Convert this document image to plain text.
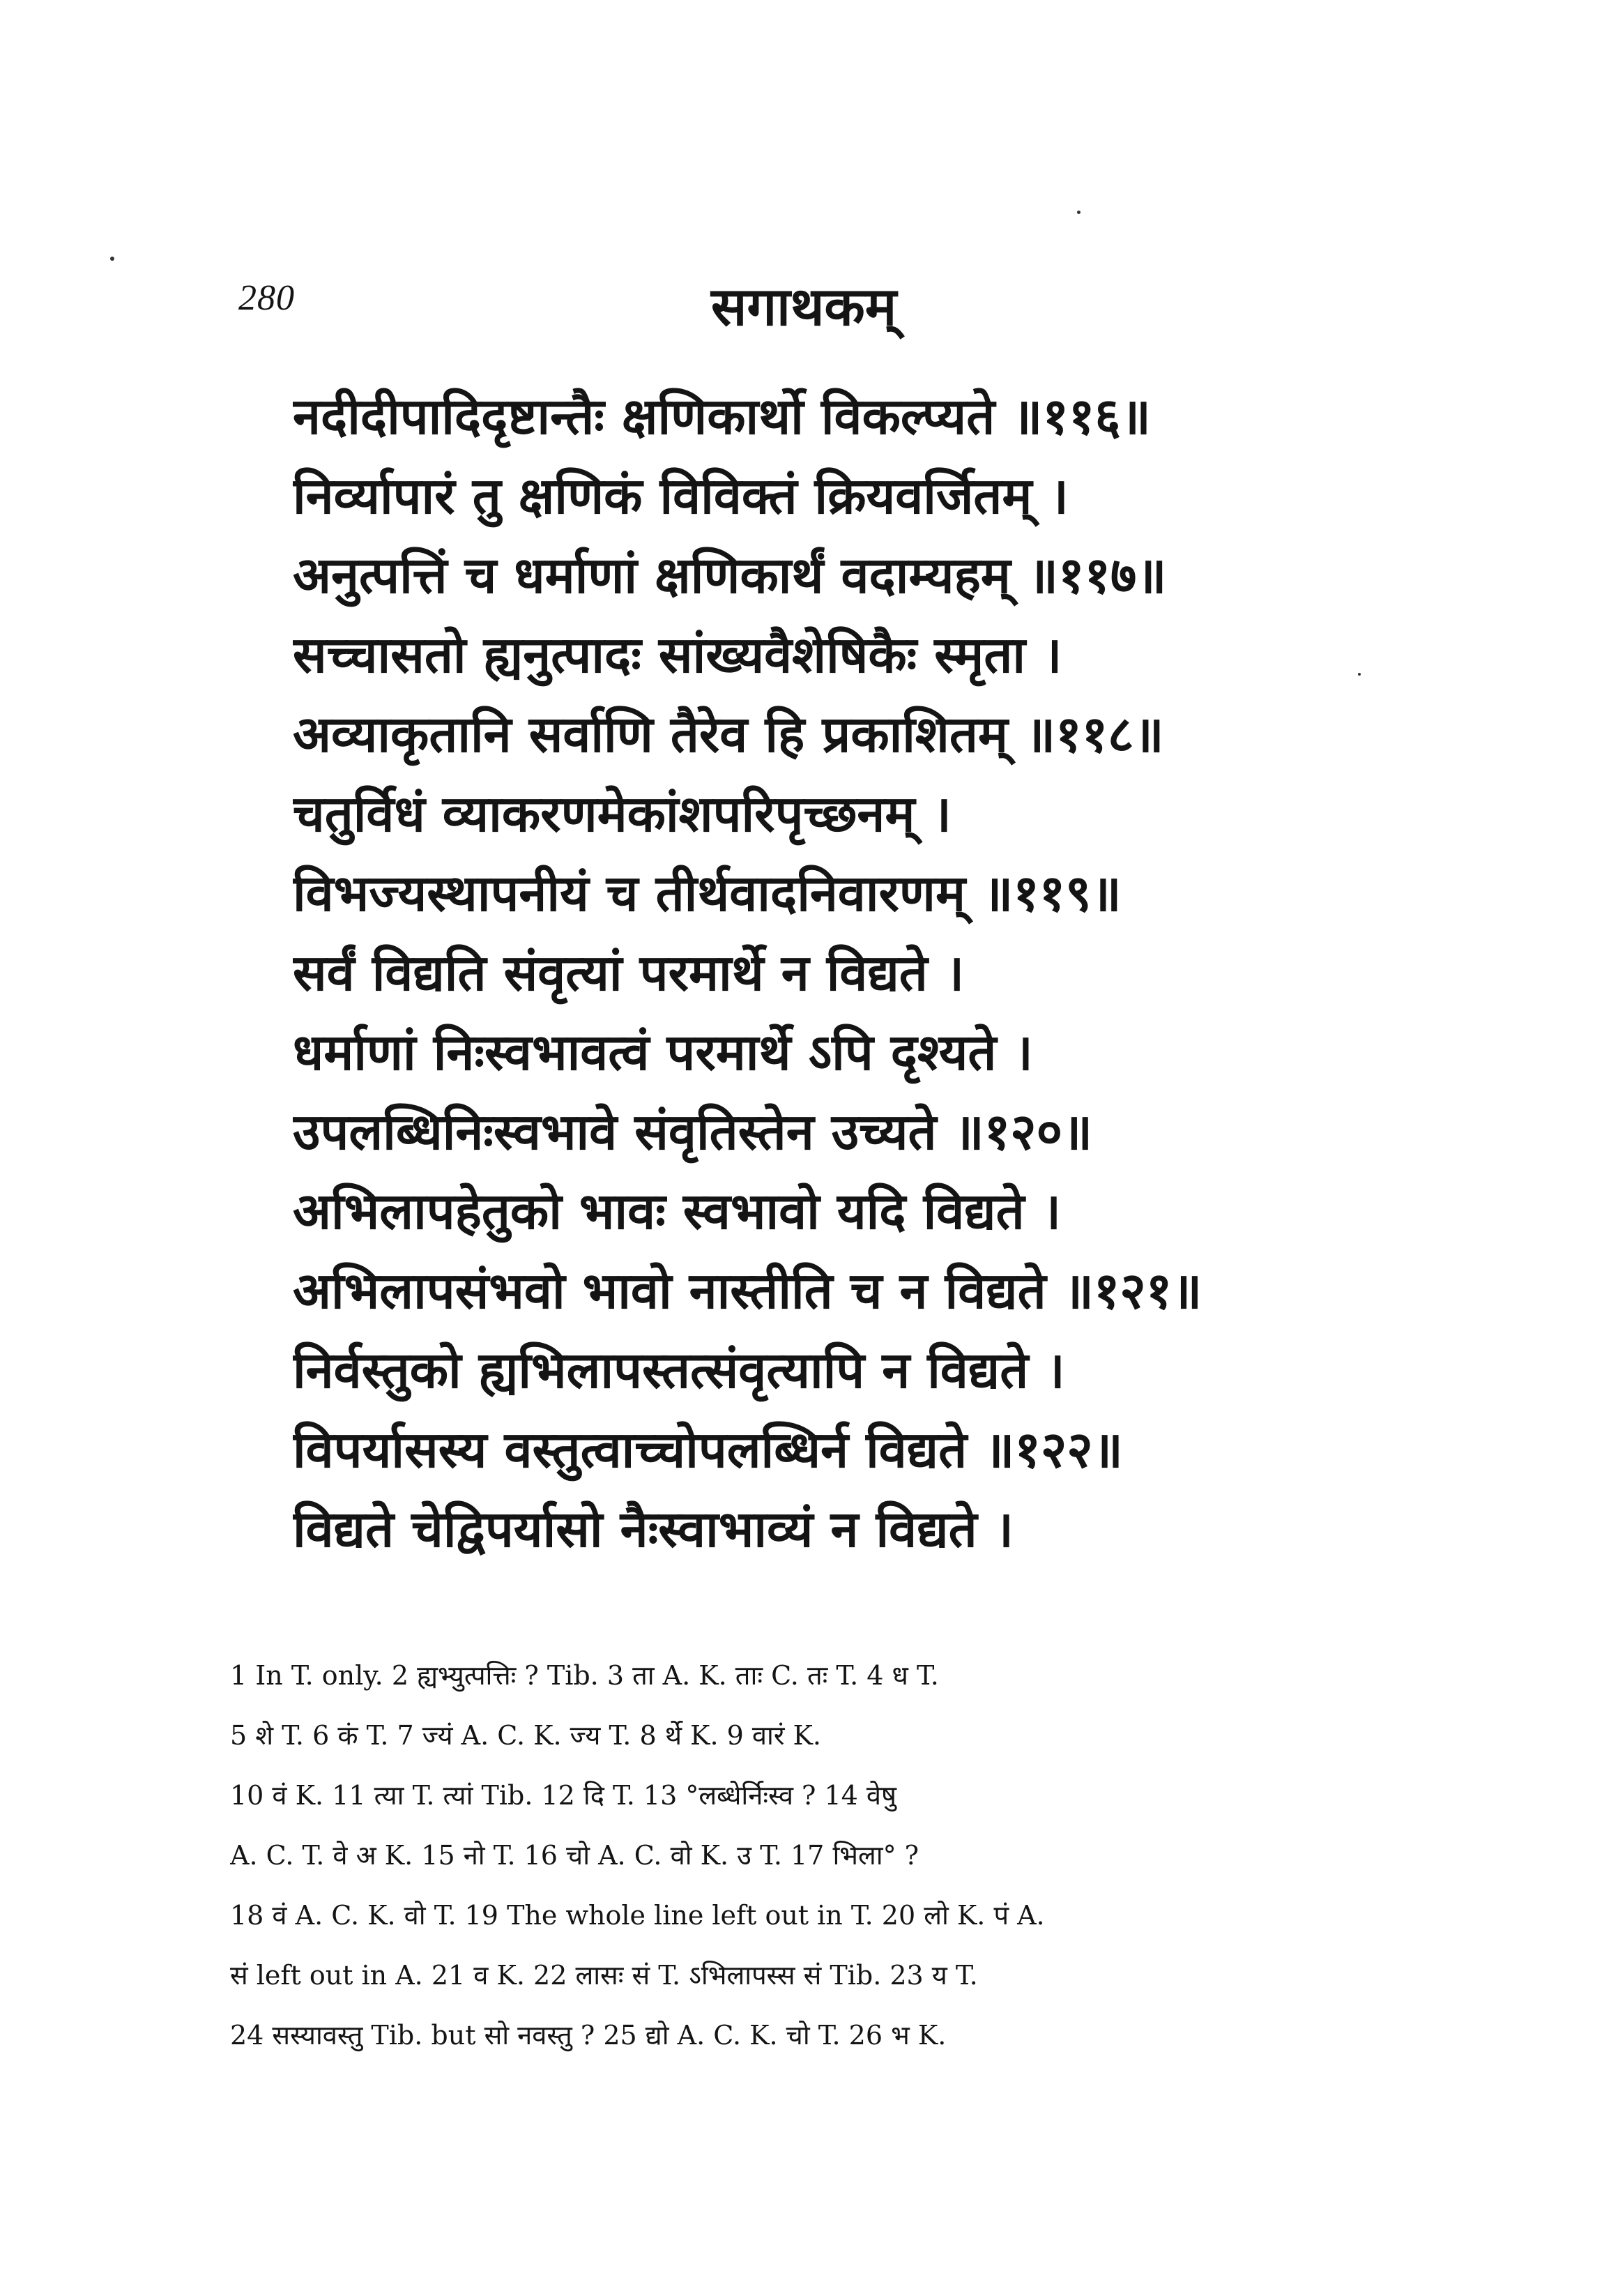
280	सगाथकम्
नदीदीपादिदृष्टान्तैः क्षणिकार्थो विकल्प्यते ॥११६॥
निर्व्यापारं तु क्षणिकं विविक्तं क्रियवर्जितम् ।
अनुत्पत्तिं च धर्माणां क्षणिकार्थं वदाम्यहम् ॥११७॥
सच्चासतो ह्यनुत्पादः सांख्यवैशेषिकैः स्मृता ।
अव्याकृतानि सर्वाणि तैरेव हि प्रकाशितम् ॥११८॥
चतुर्विधं व्याकरणमेकांशपरिपृच्छनम् ।
विभज्यस्थापनीयं च तीर्थवादनिवारणम् ॥११९॥
सर्वं विद्यति संवृत्यां परमार्थे न विद्यते ।
धर्माणां निःस्वभावत्वं परमार्थे ऽपि दृश्यते ।
उपलब्धिनिःस्वभावे संवृतिस्तेन उच्यते ॥१२०॥
अभिलापहेतुको भावः स्वभावो यदि विद्यते ।
अभिलापसंभवो भावो नास्तीति च न विद्यते ॥१२१॥
निर्वस्तुको ह्यभिलापस्तत्संवृत्यापि न विद्यते ।
विपर्यासस्य वस्तुत्वाच्चोपलब्धिर्न विद्यते ॥१२२॥
विद्यते चेद्विपर्यासो नैःस्वाभाव्यं न विद्यते ।
1 In T. only. 2 ह्यभ्युत्पत्तिः ? Tib. 3 ता A. K. ताः C. तः T. 4 ध T.
5 शे T. 6 कं T. 7 ज्यं A. C. K. ज्य T. 8 र्थे K. 9 वारं K.
10 वं K. 11 त्या T. त्यां Tib. 12 दि T. 13 °लब्धेर्निःस्व ? 14 वेषु
A. C. T. वे अ K. 15 नो T. 16 चो A. C. वो K. उ T. 17 भिला° ?
18 वं A. C. K. वो T. 19 The whole line left out in T. 20 लो K. पं A.
सं left out in A. 21 व K. 22 लासः सं T. ऽभिलापस्स सं Tib. 23 य T.
24 सस्यावस्तु Tib. but सो नवस्तु ? 25 द्यो A. C. K. चो T. 26 भ K.
